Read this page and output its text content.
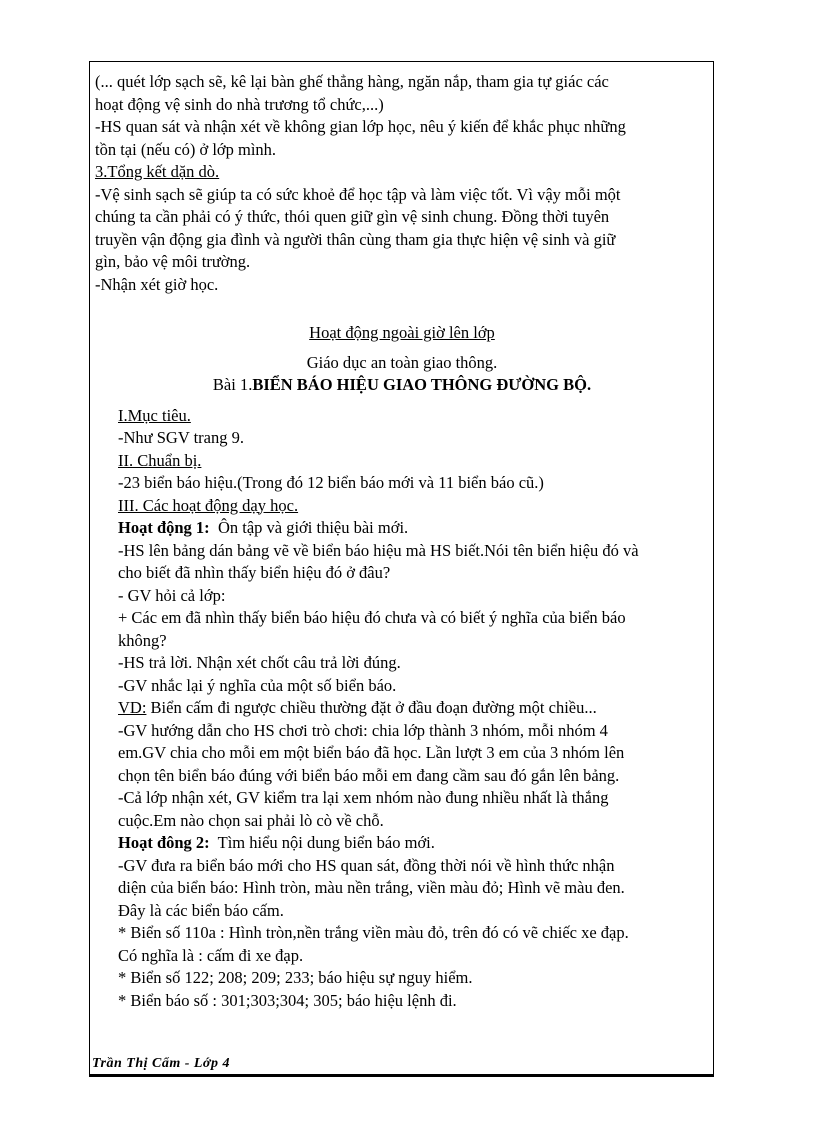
(... quét lớp sạch sẽ, kê lại bàn ghế thẳng hàng, ngăn nắp, tham gia tự giác các

hoạt động vệ sinh do nhà trương tổ chức,...)

-HS quan sát và nhận xét về không gian lớp học, nêu ý kiến để khắc phục những

tồn tại (nếu có) ở lớp mình.

3.Tổng kết dặn dò.

-Vệ sinh sạch sẽ giúp ta có sức khoẻ để học tập và làm việc tốt. Vì vậy mỗi một

chúng ta cần phải có ý thức, thói quen giữ gìn vệ sinh chung. Đồng thời tuyên

truyền vận động gia đình và người thân cùng tham gia thực hiện vệ sinh và giữ

gìn, bảo vệ môi trường.

-Nhận xét giờ học.

Hoạt động ngoài giờ lên lớp

Giáo dục an toàn giao thông.

Bài 1.BIỂN BÁO HIỆU GIAO THÔNG ĐƯỜNG BỘ.

I.Mục tiêu.

-Như SGV trang 9.

II. Chuẩn bị.

-23 biển báo hiệu.(Trong đó 12 biển báo mới và 11 biển báo cũ.)

III. Các hoạt động dạy học.

Hoạt động 1:  Ôn tập và giới thiệu bài mới.

-HS lên bảng dán bảng vẽ về biển báo hiệu mà HS biết.Nói tên biển hiệu đó và

cho biết đã nhìn thấy biển hiệu đó ở đâu?

- GV hỏi cả lớp:

+ Các em đã nhìn thấy biển báo hiệu đó chưa và có biết ý nghĩa của biển báo

không?

-HS trả lời. Nhận xét chốt câu trả lời đúng.

-GV nhắc lại ý nghĩa của một số biển báo.

VD: Biển cấm đi ngược chiều thường đặt ở đầu đoạn đường một chiều...

-GV hướng dẫn cho HS chơi trò chơi: chia lớp thành 3 nhóm, mỗi nhóm 4

em.GV chia cho mỗi em một biển báo đã học. Lần lượt 3 em của 3 nhóm lên

chọn tên biển báo đúng với biển báo mỗi em đang cầm sau đó gắn lên bảng.

-Cả lớp nhận xét, GV kiểm tra lại xem nhóm nào đung nhiều nhất là thắng

cuộc.Em nào chọn sai phải lò cò về chỗ.

Hoạt đông 2:  Tìm hiểu nội dung biển báo mới.

-GV đưa ra biển báo mới cho HS quan sát, đồng thời nói về hình thức nhận

diện của biển báo: Hình tròn, màu nền trắng, viền màu đỏ; Hình vẽ màu đen.

Đây là các biển báo cấm.

* Biển số 110a : Hình tròn,nền trắng viền màu đỏ, trên đó có vẽ chiếc xe đạp.

Có nghĩa là : cấm đi xe đạp.

* Biển số 122; 208; 209; 233; báo hiệu sự nguy hiểm.

* Biển báo số : 301;303;304; 305; báo hiệu lệnh đi.

Trần Thị Cẩm - Lớp 4
